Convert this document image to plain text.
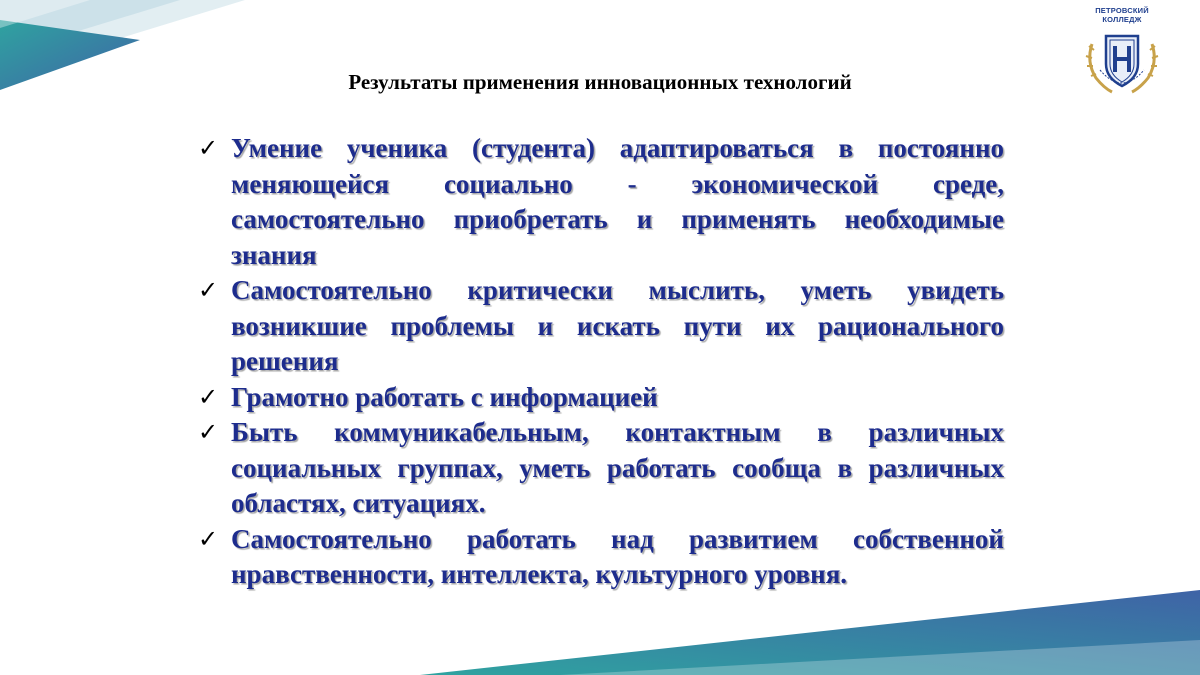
ПЕТРОВСКИЙ КОЛЛЕДЖ
Результаты применения инновационных технологий
✓ Умение ученика (студента) адаптироваться в постоянно меняющейся социально - экономической среде, самостоятельно приобретать и применять необходимые знания
✓ Самостоятельно критически мыслить, уметь увидеть возникшие проблемы и искать пути их рационального решения
✓ Грамотно работать с информацией
✓ Быть коммуникабельным, контактным в различных социальных группах, уметь работать сообща в различных областях, ситуациях.
✓ Самостоятельно работать над развитием собственной нравственности, интеллекта, культурного уровня.
